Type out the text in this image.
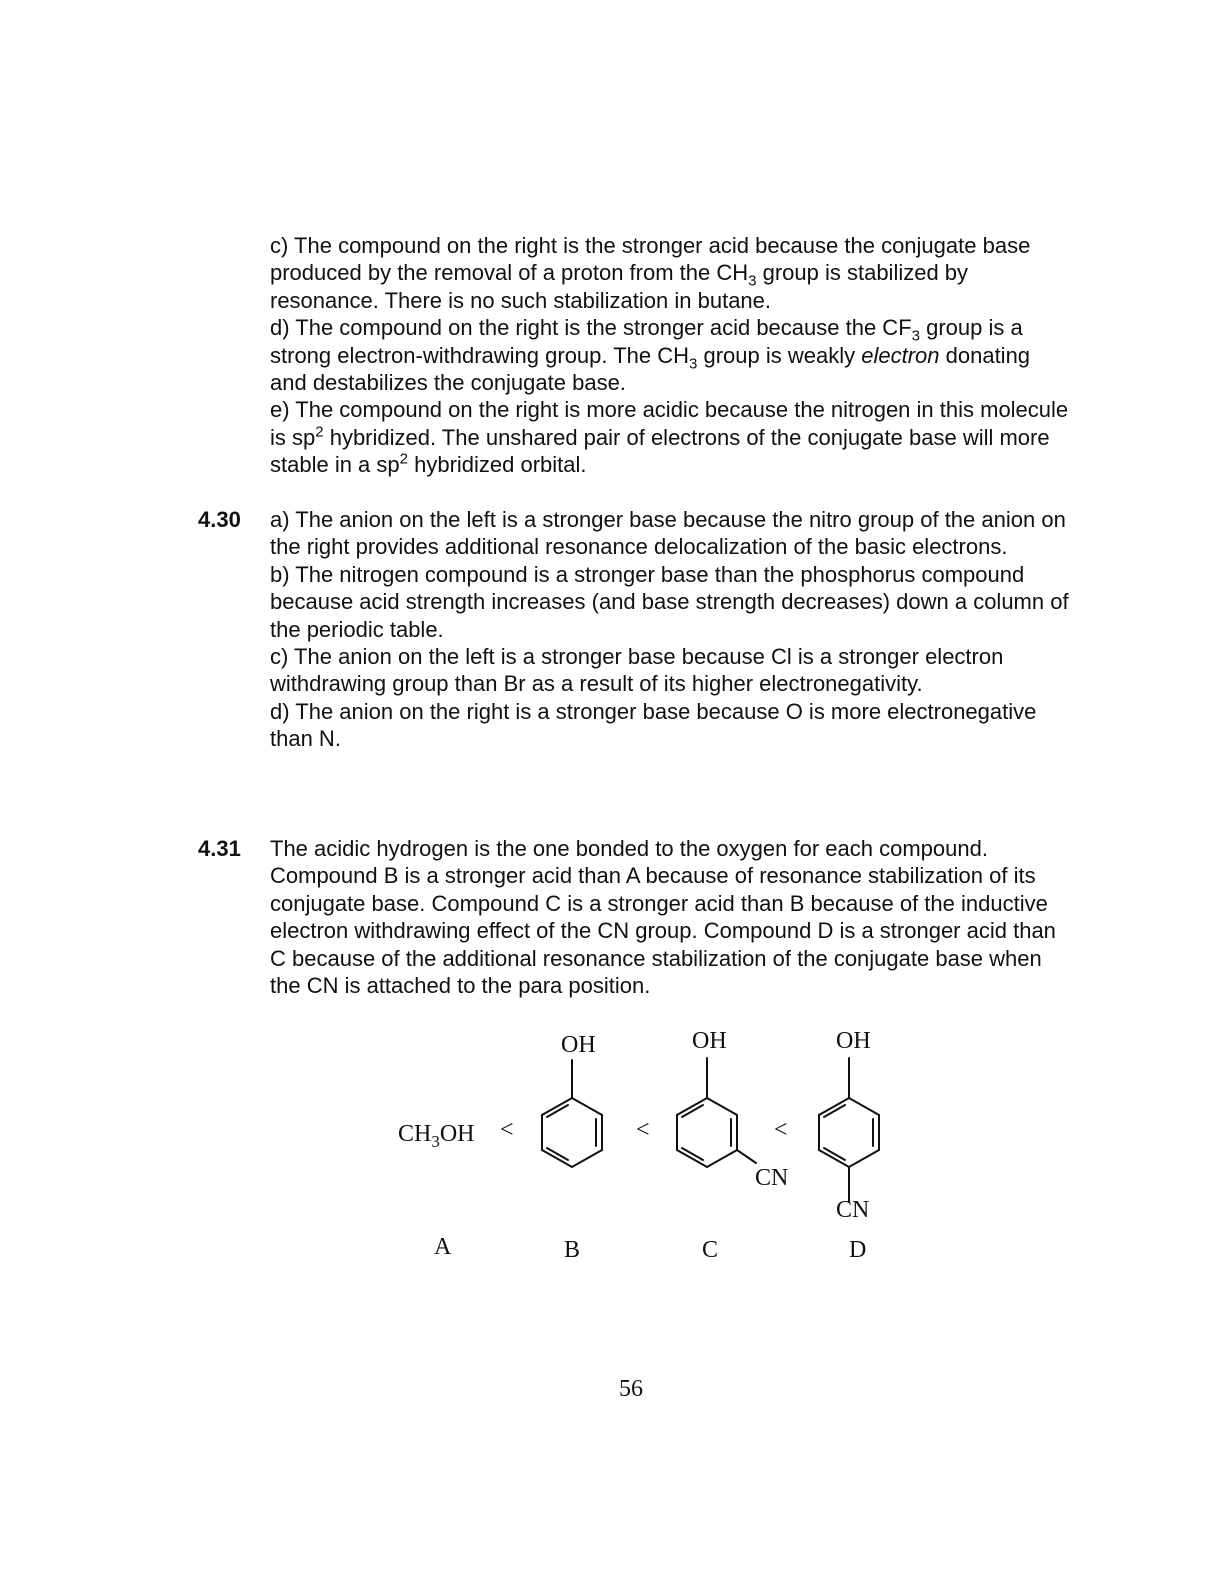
c) The compound on the right is the stronger acid because the conjugate base produced by the removal of a proton from the $CH_3$ group is stabilized by resonance. There is no such stabilization in butane.

d) The compound on the right is the stronger acid because the $CF_3$ group is a strong electron-withdrawing group. The $CH_3$ group is weakly electron donating and destabilizes the conjugate base.

e) The compound on the right is more acidic because the nitrogen in this molecule is $sp^2$ hybridized. The unshared pair of electrons of the conjugate base will more stable in a $sp^2$ hybridized orbital.

4.30 a) The anion on the left is a stronger base because the nitro group of the anion on the right provides additional resonance delocalization of the basic electrons.

b) The nitrogen compound is a stronger base than the phosphorus compound because acid strength increases (and base strength decreases) down a column of the periodic table.

c) The anion on the left is a stronger base because Cl is a stronger electron withdrawing group than Br as a result of its higher electronegativity.

d) The anion on the right is a stronger base because O is more electronegative than N.

4.31 The acidic hydrogen is the one bonded to the oxygen for each compound. Compound B is a stronger acid than A because of resonance stabilization of its conjugate base. Compound C is a stronger acid than B because of the inductive electron withdrawing effect of the CN group. Compound D is a stronger acid than C because of the additional resonance stabilization of the conjugate base when the CN is attached to the para position.

$CH_3OH$ <	<	<
OH	OH	OH
CN
CN
A	B	C	D
56
